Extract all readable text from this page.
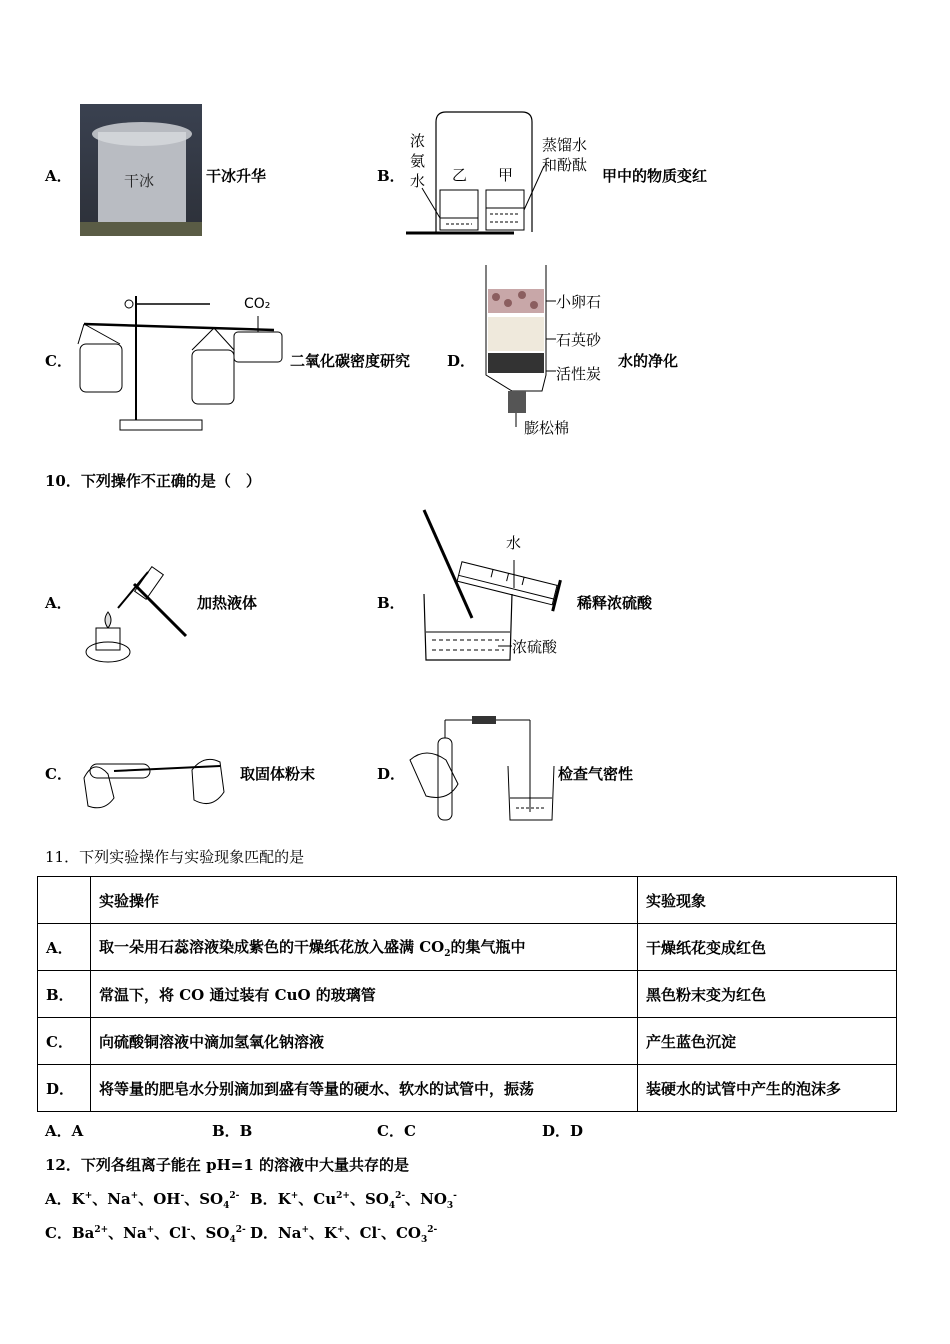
A．	干冰	干冰升华	B．
浓
氨
水 乙 甲
蒸馏水
和酚酞
甲中的物质变红
C．
CO₂
二氧化碳密度研究 D．
小卵石
石英砂
活性炭
膨松棉
水的净化
10．下列操作不正确的是（　）
A．	加热液体	B．
水
浓硫酸
稀释浓硫酸
C．	取固体粉末	D．	检查气密性
11．下列实验操作与实验现象匹配的是
	实验操作	实验现象
A．	取一朵用石蕊溶液染成紫色的干燥纸花放入盛满 $CO_2$的集气瓶中	干燥纸花变成红色
B．	常温下，将 CO 通过装有 CuO 的玻璃管	黑色粉末变为红色
C．	向硫酸铜溶液中滴加氢氧化钠溶液	产生蓝色沉淀
D．	将等量的肥皂水分别滴加到盛有等量的硬水、软水的试管中，振荡	装硬水的试管中产生的泡沫多
A．A	B．B	C．C	D．D
12．下列各组离子能在 pH=1 的溶液中大量共存的是
A．K+、Na+、OH-、$SO_4^{2-}$ B．K+、$Cu^{2+}$、$SO_4^{2-}$、$NO_3^-$
C．$Ba^{2+}$、Na+、Cl-、$SO_4^{2-}$ D．Na+、K+、Cl-、$CO_3^{2-}$
